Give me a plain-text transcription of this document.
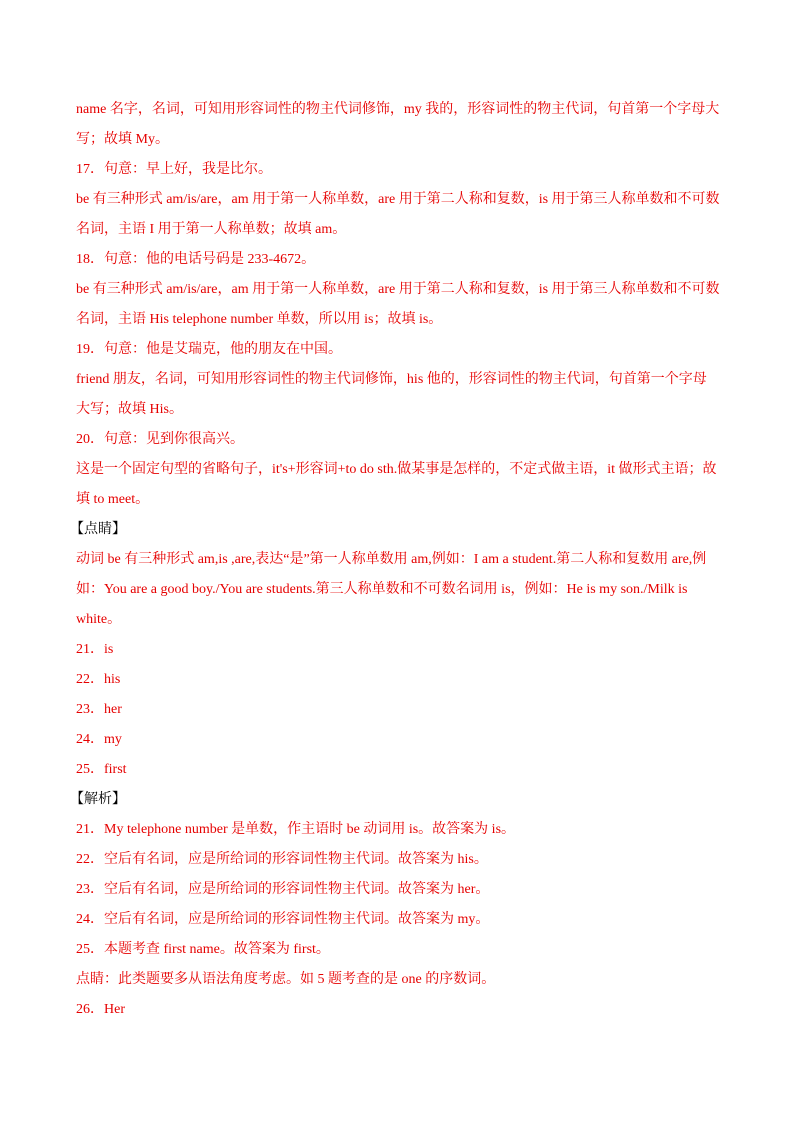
name 名字，名词，可知用形容词性的物主代词修饰，my 我的，形容词性的物主代词，句首第一个字母大
写；故填 My。
17．句意：早上好，我是比尔。
be 有三种形式 am/is/are，am 用于第一人称单数，are 用于第二人称和复数，is 用于第三人称单数和不可数
名词，主语 I 用于第一人称单数；故填 am。
18．句意：他的电话号码是 233-4672。
be 有三种形式 am/is/are，am 用于第一人称单数，are 用于第二人称和复数，is 用于第三人称单数和不可数
名词，主语 His telephone number 单数，所以用 is；故填 is。
19．句意：他是艾瑞克，他的朋友在中国。
friend 朋友，名词，可知用形容词性的物主代词修饰，his 他的，形容词性的物主代词，句首第一个字母
大写；故填 His。
20．句意：见到你很高兴。
这是一个固定句型的省略句子，it's+形容词+to do sth.做某事是怎样的，不定式做主语，it 做形式主语；故
填 to meet。
【点睛】
动词 be 有三种形式 am,is ,are,表达“是”第一人称单数用 am,例如：I am a student.第二人称和复数用 are,例
如：You are a good boy./You are students.第三人称单数和不可数名词用 is，例如：He is my son./Milk is
white。
21．is
22．his
23．her
24．my
25．first
【解析】
21．My telephone number 是单数，作主语时 be 动词用 is。故答案为 is。
22．空后有名词，应是所给词的形容词性物主代词。故答案为 his。
23．空后有名词，应是所给词的形容词性物主代词。故答案为 her。
24．空后有名词，应是所给词的形容词性物主代词。故答案为 my。
25．本题考查 first name。故答案为 first。
点睛：此类题要多从语法角度考虑。如 5 题考查的是 one 的序数词。
26．Her
